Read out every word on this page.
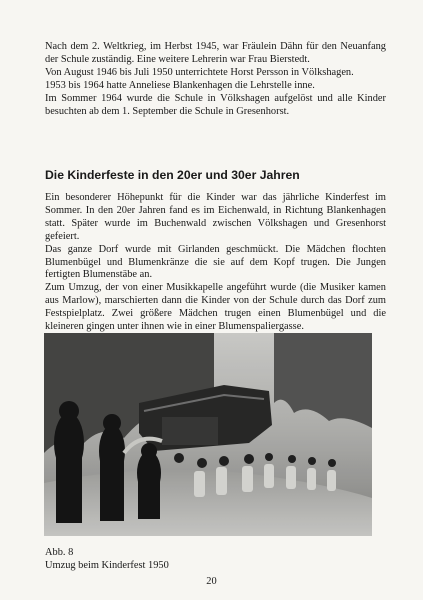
Nach dem 2. Weltkrieg, im Herbst 1945, war Fräulein Dähn für den Neuanfang der Schule zuständig. Eine weitere Lehrerin war Frau Bierstedt.

Von August 1946 bis Juli 1950 unterrichtete Horst Persson in Völkshagen.

1953 bis 1964 hatte Anneliese Blankenhagen die Lehrstelle inne.

Im Sommer 1964 wurde die Schule in Völkshagen aufgelöst und alle Kinder besuchten ab dem 1. September die Schule in Gresenhorst.

Die Kinderfeste in den 20er und 30er Jahren

Ein besonderer Höhepunkt für die Kinder war das jährliche Kinderfest im Sommer. In den 20er Jahren fand es im Eichenwald, in Richtung Blankenhagen statt. Später wurde im Buchenwald zwischen Völkshagen und Gresenhorst gefeiert.

Das ganze Dorf wurde mit Girlanden geschmückt. Die Mädchen flochten Blumenbügel und Blumenkränze die sie auf dem Kopf trugen. Die Jungen fertigten Blumenstäbe an.

Zum Umzug, der von einer Musikkapelle angeführt wurde (die Musiker kamen aus Marlow), marschierten dann die Kinder von der Schule durch das Dorf zum Festspielplatz. Zwei größere Mädchen trugen einen Blumenbügel und die kleineren gingen unter ihnen wie in einer Blumenspaliergasse.

Abb. 8
Umzug beim Kinderfest 1950
20
